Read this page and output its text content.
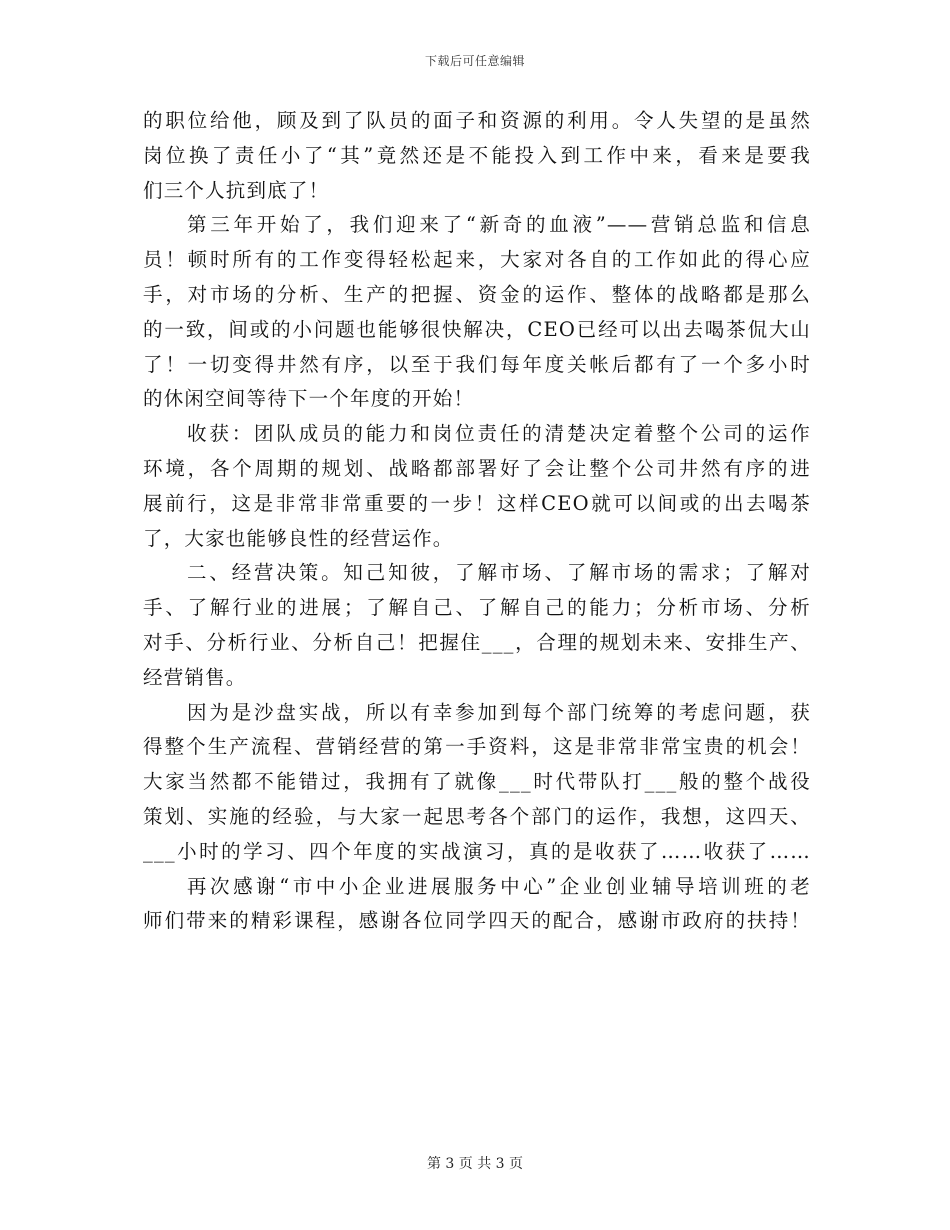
下载后可任意编辑
的职位给他，顾及到了队员的面子和资源的利用。令人失望的是虽然
岗位换了责任小了“其”竟然还是不能投入到工作中来，看来是要我
们三个人抗到底了！
第三年开始了，我们迎来了“新奇的血液”——营销总监和信息
员！顿时所有的工作变得轻松起来，大家对各自的工作如此的得心应
手，对市场的分析、生产的把握、资金的运作、整体的战略都是那么
的一致，间或的小问题也能够很快解决，CEO已经可以出去喝茶侃大山
了！一切变得井然有序，以至于我们每年度关帐后都有了一个多小时
的休闲空间等待下一个年度的开始！
收获：团队成员的能力和岗位责任的清楚决定着整个公司的运作
环境，各个周期的规划、战略都部署好了会让整个公司井然有序的进
展前行，这是非常非常重要的一步！这样CEO就可以间或的出去喝茶
了，大家也能够良性的经营运作。
二、经营决策。知己知彼，了解市场、了解市场的需求；了解对
手、了解行业的进展；了解自己、了解自己的能力；分析市场、分析
对手、分析行业、分析自己！把握住___，合理的规划未来、安排生产、
经营销售。
因为是沙盘实战，所以有幸参加到每个部门统筹的考虑问题，获
得整个生产流程、营销经营的第一手资料，这是非常非常宝贵的机会！
大家当然都不能错过，我拥有了就像___时代带队打___般的整个战役
策划、实施的经验，与大家一起思考各个部门的运作，我想，这四天、
___小时的学习、四个年度的实战演习，真的是收获了……收获了……
再次感谢“市中小企业进展服务中心”企业创业辅导培训班的老
师们带来的精彩课程，感谢各位同学四天的配合，感谢市政府的扶持！
第 3 页 共 3 页
